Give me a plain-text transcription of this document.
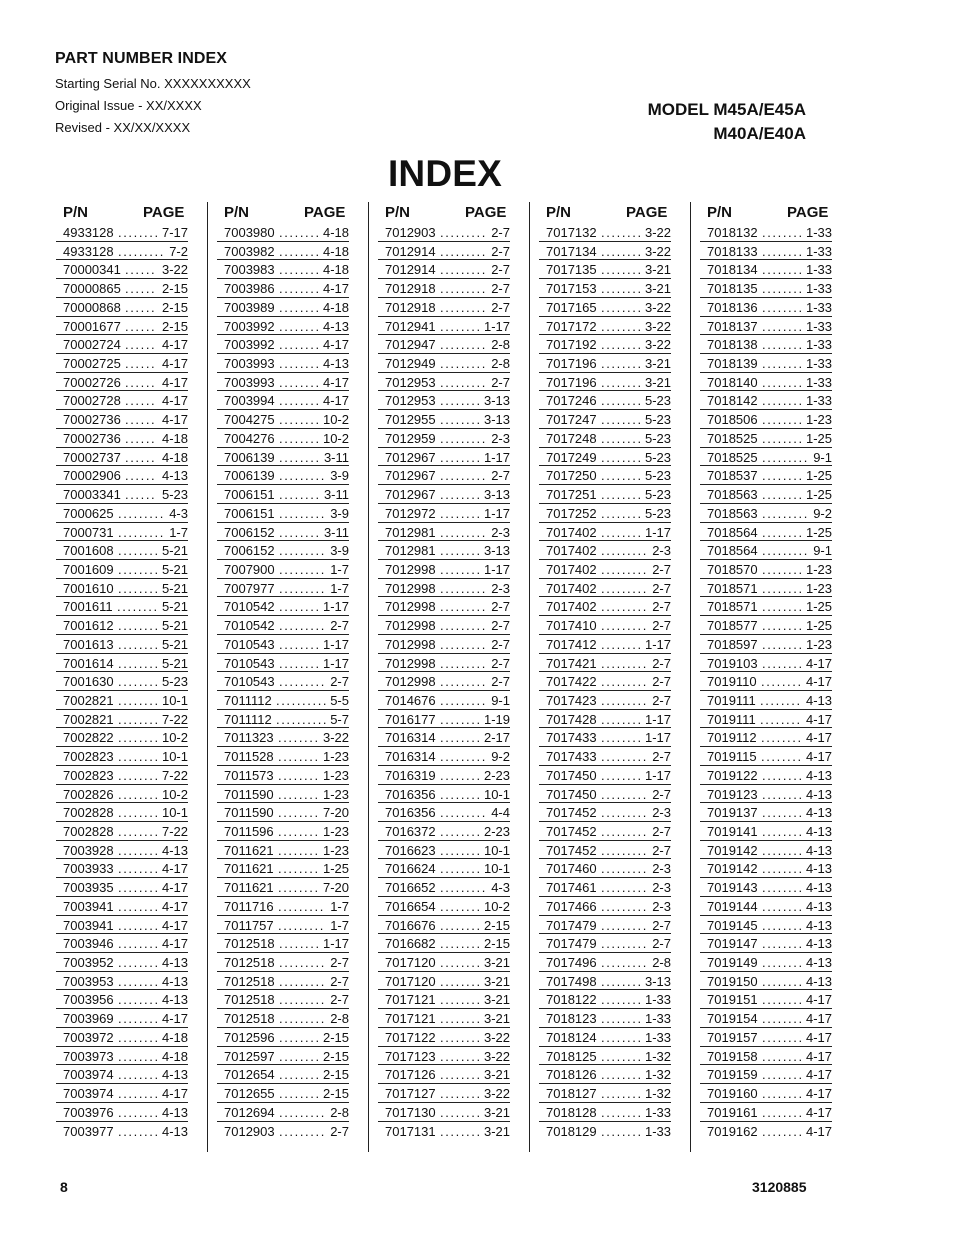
PART NUMBER INDEX
Starting Serial No. XXXXXXXXXX
Original Issue - XX/XXXX
Revised - XX/XX/XXXX
MODEL M45A/E45A
M40A/E40A
INDEX
P/N	PAGE
4933128 ........ 7-17
4933128 ......... 7-2
70000341 ...... 3-22
70000865 ...... 2-15
70000868 ...... 2-15
70001677 ...... 2-15
70002724 ...... 4-17
70002725 ...... 4-17
70002726 ...... 4-17
70002728 ...... 4-17
70002736 ...... 4-17
70002736 ...... 4-18
70002737 ...... 4-18
70002906 ...... 4-13
70003341 ...... 5-23
7000625 ......... 4-3
7000731 ......... 1-7
7001608 ........ 5-21
7001609 ........ 5-21
7001610 ........ 5-21
7001611 ........ 5-21
7001612 ........ 5-21
7001613 ........ 5-21
7001614 ........ 5-21
7001630 ........ 5-23
7002821 ........ 10-1
7002821 ........ 7-22
7002822 ........ 10-2
7002823 ........ 10-1
7002823 ........ 7-22
7002826 ........ 10-2
7002828 ........ 10-1
7002828 ........ 7-22
7003928 ........ 4-13
7003933 ........ 4-17
7003935 ........ 4-17
7003941 ........ 4-17
7003941 ........ 4-17
7003946 ........ 4-17
7003952 ........ 4-13
7003953 ........ 4-13
7003956 ........ 4-13
7003969 ........ 4-17
7003972 ........ 4-18
7003973 ........ 4-18
7003974 ........ 4-13
7003974 ........ 4-17
7003976 ........ 4-13
7003977 ........ 4-13
P/N	PAGE
7003980 ........ 4-18
7003982 ........ 4-18
7003983 ........ 4-18
7003986 ........ 4-17
7003989 ........ 4-18
7003992 ........ 4-13
7003992 ........ 4-17
7003993 ........ 4-13
7003993 ........ 4-17
7003994 ........ 4-17
7004275 ........ 10-2
7004276 ........ 10-2
7006139 ........ 3-11
7006139 ......... 3-9
7006151 ........ 3-11
7006151 ......... 3-9
7006152 ........ 3-11
7006152 ......... 3-9
7007900 ......... 1-7
7007977 ......... 1-7
7010542 ........ 1-17
7010542 ......... 2-7
7010543 ........ 1-17
7010543 ........ 1-17
7010543 ......... 2-7
7011112 .......... 5-5
7011112 .......... 5-7
7011323 ........ 3-22
7011528 ........ 1-23
7011573 ........ 1-23
7011590 ........ 1-23
7011590 ........ 7-20
7011596 ........ 1-23
7011621 ........ 1-23
7011621 ........ 1-25
7011621 ........ 7-20
7011716 ......... 1-7
7011757 ......... 1-7
7012518 ........ 1-17
7012518 ......... 2-7
7012518 ......... 2-7
7012518 ......... 2-7
7012518 ......... 2-8
7012596 ........ 2-15
7012597 ........ 2-15
7012654 ........ 2-15
7012655 ........ 2-15
7012694 ......... 2-8
7012903 ......... 2-7
P/N	PAGE
7012903 ......... 2-7
7012914 ......... 2-7
7012914 ......... 2-7
7012918 ......... 2-7
7012918 ......... 2-7
7012941 ........ 1-17
7012947 ......... 2-8
7012949 ......... 2-8
7012953 ......... 2-7
7012953 ........ 3-13
7012955 ........ 3-13
7012959 ......... 2-3
7012967 ........ 1-17
7012967 ......... 2-7
7012967 ........ 3-13
7012972 ........ 1-17
7012981 ......... 2-3
7012981 ........ 3-13
7012998 ........ 1-17
7012998 ......... 2-3
7012998 ......... 2-7
7012998 ......... 2-7
7012998 ......... 2-7
7012998 ......... 2-7
7012998 ......... 2-7
7014676 ......... 9-1
7016177 ........ 1-19
7016314 ........ 2-17
7016314 ......... 9-2
7016319 ........ 2-23
7016356 ........ 10-1
7016356 ......... 4-4
7016372 ........ 2-23
7016623 ........ 10-1
7016624 ........ 10-1
7016652 ......... 4-3
7016654 ........ 10-2
7016676 ........ 2-15
7016682 ........ 2-15
7017120 ........ 3-21
7017120 ........ 3-21
7017121 ........ 3-21
7017121 ........ 3-21
7017122 ........ 3-22
7017123 ........ 3-22
7017126 ........ 3-21
7017127 ........ 3-22
7017130 ........ 3-21
7017131 ........ 3-21
P/N	PAGE
7017132 ........ 3-22
7017134 ........ 3-22
7017135 ........ 3-21
7017153 ........ 3-21
7017165 ........ 3-22
7017172 ........ 3-22
7017192 ........ 3-22
7017196 ........ 3-21
7017196 ........ 3-21
7017246 ........ 5-23
7017247 ........ 5-23
7017248 ........ 5-23
7017249 ........ 5-23
7017250 ........ 5-23
7017251 ........ 5-23
7017252 ........ 5-23
7017402 ........ 1-17
7017402 ......... 2-3
7017402 ......... 2-7
7017402 ......... 2-7
7017402 ......... 2-7
7017410 ......... 2-7
7017412 ........ 1-17
7017421 ......... 2-7
7017422 ......... 2-7
7017423 ......... 2-7
7017428 ........ 1-17
7017433 ........ 1-17
7017433 ......... 2-7
7017450 ........ 1-17
7017450 ......... 2-7
7017452 ......... 2-3
7017452 ......... 2-7
7017452 ......... 2-7
7017460 ......... 2-3
7017461 ......... 2-3
7017466 ......... 2-3
7017479 ......... 2-7
7017479 ......... 2-7
7017496 ......... 2-8
7017498 ........ 3-13
7018122 ........ 1-33
7018123 ........ 1-33
7018124 ........ 1-33
7018125 ........ 1-32
7018126 ........ 1-32
7018127 ........ 1-32
7018128 ........ 1-33
7018129 ........ 1-33
P/N	PAGE
7018132 ........ 1-33
7018133 ........ 1-33
7018134 ........ 1-33
7018135 ........ 1-33
7018136 ........ 1-33
7018137 ........ 1-33
7018138 ........ 1-33
7018139 ........ 1-33
7018140 ........ 1-33
7018142 ........ 1-33
7018506 ........ 1-23
7018525 ........ 1-25
7018525 ......... 9-1
7018537 ........ 1-25
7018563 ........ 1-25
7018563 ......... 9-2
7018564 ........ 1-25
7018564 ......... 9-1
7018570 ........ 1-23
7018571 ........ 1-23
7018571 ........ 1-25
7018577 ........ 1-25
7018597 ........ 1-23
7019103 ........ 4-17
7019110 ........ 4-17
7019111 ........ 4-13
7019111 ........ 4-17
7019112 ........ 4-17
7019115 ........ 4-17
7019122 ........ 4-13
7019123 ........ 4-13
7019137 ........ 4-13
7019141 ........ 4-13
7019142 ........ 4-13
7019142 ........ 4-13
7019143 ........ 4-13
7019144 ........ 4-13
7019145 ........ 4-13
7019147 ........ 4-13
7019149 ........ 4-13
7019150 ........ 4-13
7019151 ........ 4-17
7019154 ........ 4-17
7019157 ........ 4-17
7019158 ........ 4-17
7019159 ........ 4-17
7019160 ........ 4-17
7019161 ........ 4-17
7019162 ........ 4-17
8	3120885
